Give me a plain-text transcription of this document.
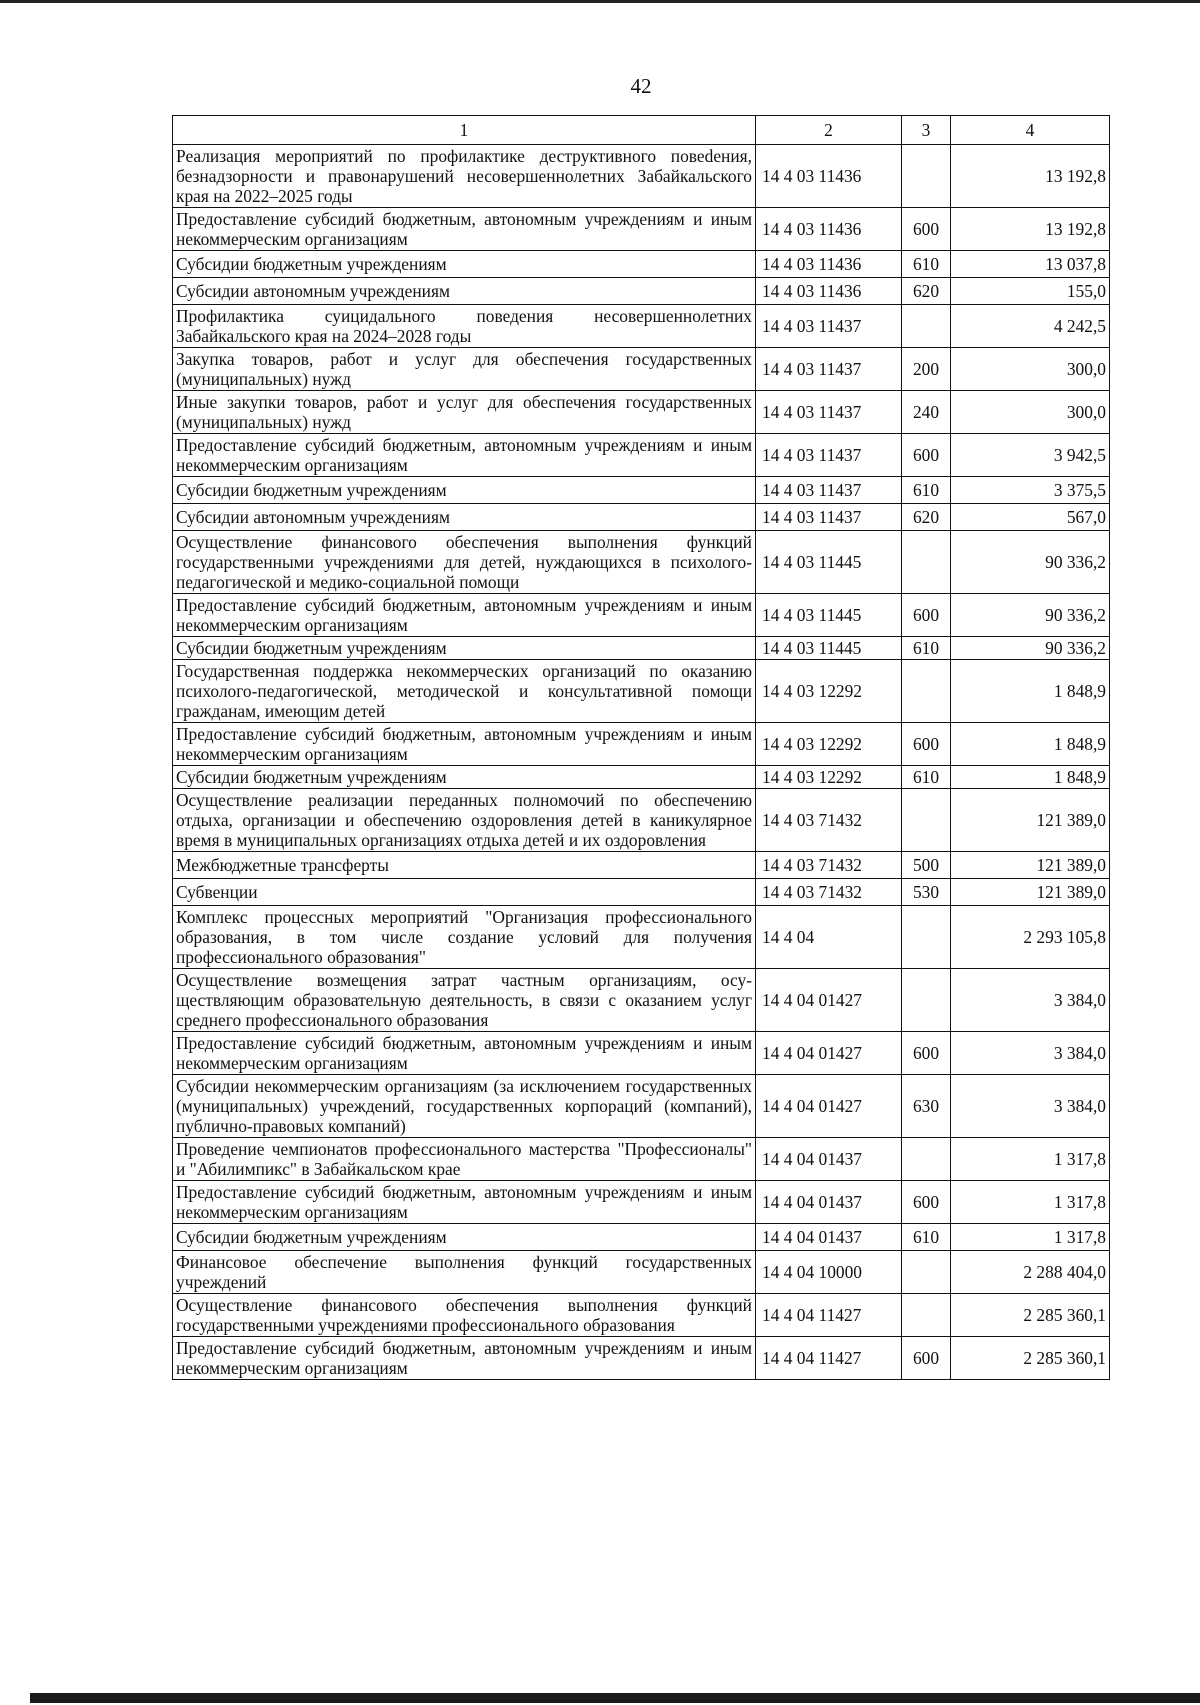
42
1	2	3	4
Реализация мероприятий по профилактике деструктивного повеdения, безнадзорности и правонарушений несовершеннолетних Забайкальского края на 2022–2025 годы	14 4 03 11436		13 192,8
Предоставление субсидий бюджетным, автономным учреждениям и иным некоммерческим организациям	14 4 03 11436	600	13 192,8
Субсидии бюджетным учреждениям	14 4 03 11436	610	13 037,8
Субсидии автономным учреждениям	14 4 03 11436	620	155,0
Профилактика суицидального поведения несовершеннолетних Забайкальского края на 2024–2028 годы	14 4 03 11437		4 242,5
Закупка товаров, работ и услуг для обеспечения государственных (муниципальных) нужд	14 4 03 11437	200	300,0
Иные закупки товаров, работ и услуг для обеспечения государственных (муниципальных) нужд	14 4 03 11437	240	300,0
Предоставление субсидий бюджетным, автономным учреждениям и иным некоммерческим организациям	14 4 03 11437	600	3 942,5
Субсидии бюджетным учреждениям	14 4 03 11437	610	3 375,5
Субсидии автономным учреждениям	14 4 03 11437	620	567,0
Осуществление финансового обеспечения выполнения функций государственными учреждениями для детей, нуждающихся в психолого-педагогической и медико-социальной помощи	14 4 03 11445		90 336,2
Предоставление субсидий бюджетным, автономным учреждениям и иным некоммерческим организациям	14 4 03 11445	600	90 336,2
Субсидии бюджетным учреждениям	14 4 03 11445	610	90 336,2
Государственная поддержка некоммерческих организаций по оказанию психолого-педагогической, методической и консультативной помощи гражданам, имеющим детей	14 4 03 12292		1 848,9
Предоставление субсидий бюджетным, автономным учреждениям и иным некоммерческим организациям	14 4 03 12292	600	1 848,9
Субсидии бюджетным учреждениям	14 4 03 12292	610	1 848,9
Осуществление реализации переданных полномочий по обеспечению отдыха, организации и обеспечению оздоровления детей в каникулярное время в муниципальных организациях отдыха детей и их оздоровления	14 4 03 71432		121 389,0
Межбюджетные трансферты	14 4 03 71432	500	121 389,0
Субвенции	14 4 03 71432	530	121 389,0
Комплекс процессных мероприятий "Организация профессионального образования, в том числе создание условий для получения профессионального образования"	14 4 04		2 293 105,8
Осуществление возмещения затрат частным организациям, осуществляющим образовательную деятельность, в связи с оказанием услуг среднего профессионального образования	14 4 04 01427		3 384,0
Предоставление субсидий бюджетным, автономным учреждениям и иным некоммерческим организациям	14 4 04 01427	600	3 384,0
Субсидии некоммерческим организациям (за исключением государственных (муниципальных) учреждений, государственных корпораций (компаний), публично-правовых компаний)	14 4 04 01427	630	3 384,0
Проведение чемпионатов профессионального мастерства "Профессионалы" и "Абилимпикс" в Забайкальском крае	14 4 04 01437		1 317,8
Предоставление субсидий бюджетным, автономным учреждениям и иным некоммерческим организациям	14 4 04 01437	600	1 317,8
Субсидии бюджетным учреждениям	14 4 04 01437	610	1 317,8
Финансовое обеспечение выполнения функций государственных учреждений	14 4 04 10000		2 288 404,0
Осуществление финансового обеспечения выполнения функций государственными учреждениями профессионального образования	14 4 04 11427		2 285 360,1
Предоставление субсидий бюджетным, автономным учреждениям и иным некоммерческим организациям	14 4 04 11427	600	2 285 360,1
